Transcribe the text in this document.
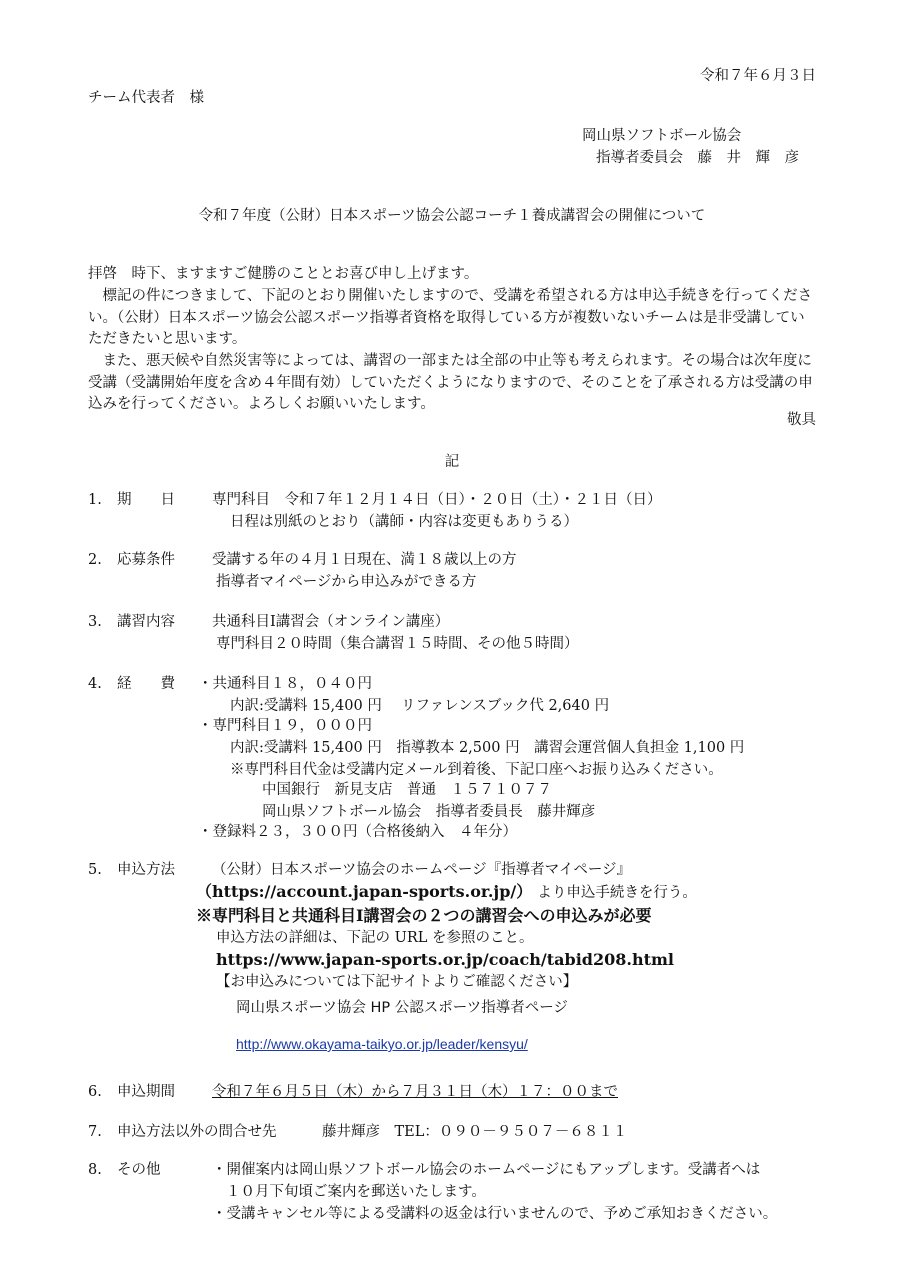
令和７年６月３日
チーム代表者　様
岡山県ソフトボール協会
指導者委員会　藤　井　輝　彦
令和７年度（公財）日本スポーツ協会公認コーチ１養成講習会の開催について
拝啓　時下、ますますご健勝のこととお喜び申し上げます。
　標記の件につきまして、下記のとおり開催いたしますので、受講を希望される方は申込手続きを行ってください。（公財）日本スポーツ協会公認スポーツ指導者資格を取得している方が複数いないチームは是非受講していただきたいと思います。
　また、悪天候や自然災害等によっては、講習の一部または全部の中止等も考えられます。その場合は次年度に受講（受講開始年度を含め４年間有効）していただくようになりますので、そのことを了承される方は受講の申込みを行ってください。よろしくお願いいたします。
敬具
記
1. 期　　日	専門科目　令和７年１２月１４日（日）・２０日（土）・２１日（日）
日程は別紙のとおり（講師・内容は変更もありうる）
2. 応募条件	受講する年の４月１日現在、満１８歳以上の方
指導者マイページから申込みができる方
3. 講習内容	共通科目Ⅰ講習会（オンライン講座）
専門科目２０時間（集合講習１５時間、その他５時間）
4. 経　　費 ・共通科目１８，０４０円
内訳:受講料 15,400 円　 リファレンスブック代 2,640 円
・専門科目１９，０００円
内訳:受講料 15,400 円　指導教本 2,500 円　講習会運営個人負担金 1,100 円
※専門科目代金は受講内定メール到着後、下記口座へお振り込みください。
中国銀行　新見支店　普通　１５７１０７７
岡山県ソフトボール協会　指導者委員長　藤井輝彦
・登録料２３，３００円（合格後納入　４年分）
5. 申込方法	（公財）日本スポーツ協会のホームページ『指導者マイページ』
（https://account.japan-sports.or.jp/） より申込手続きを行う。
※専門科目と共通科目Ⅰ講習会の２つの講習会への申込みが必要
申込方法の詳細は、下記の URL を参照のこと。
https://www.japan-sports.or.jp/coach/tabid208.html
【お申込みについては下記サイトよりご確認ください】
岡山県スポーツ協会 HP 公認スポーツ指導者ページ
http://www.okayama-taikyo.or.jp/leader/kensyu/
6. 申込期間	令和７年６月５日（木）から７月３１日（木）１７：００まで
7. 申込方法以外の問合せ先	藤井輝彦　TEL：０９０－９５０７－６８１１
8. その他	・開催案内は岡山県ソフトボール協会のホームページにもアップします。受講者へは
１０月下旬頃ご案内を郵送いたします。
・受講キャンセル等による受講料の返金は行いませんので、予めご承知おきください。
